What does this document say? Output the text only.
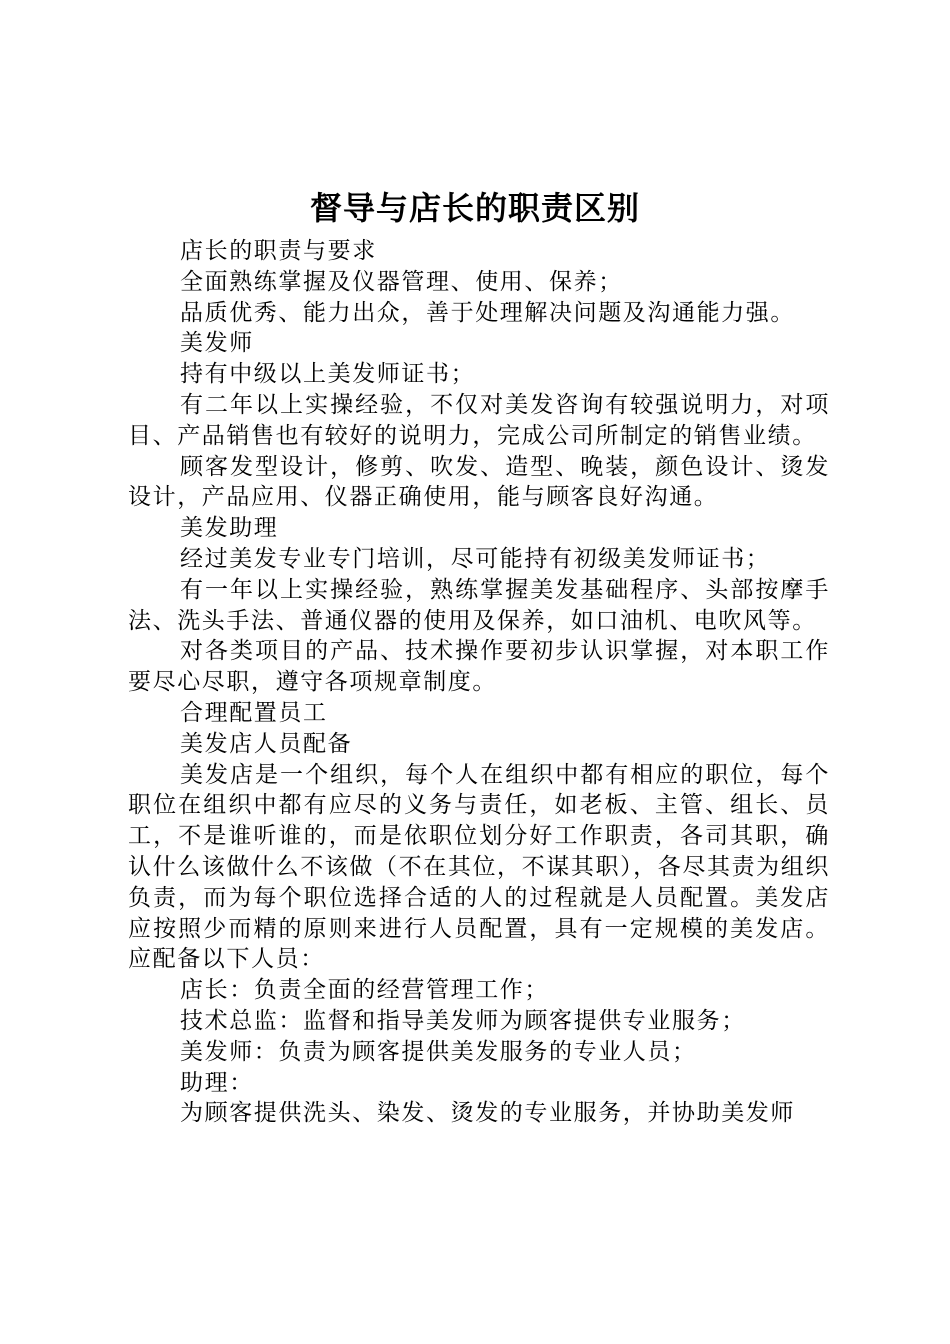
督导与店长的职责区别

店长的职责与要求

全面熟练掌握及仪器管理、使用、保养；

品质优秀、能力出众，善于处理解决问题及沟通能力强。

美发师

持有中级以上美发师证书；

有二年以上实操经验，不仅对美发咨询有较强说明力，对项目、产品销售也有较好的说明力，完成公司所制定的销售业绩。

顾客发型设计，修剪、吹发、造型、晚装，颜色设计、烫发设计，产品应用、仪器正确使用，能与顾客良好沟通。

美发助理

经过美发专业专门培训，尽可能持有初级美发师证书；

有一年以上实操经验，熟练掌握美发基础程序、头部按摩手法、洗头手法、普通仪器的使用及保养，如口油机、电吹风等。

对各类项目的产品、技术操作要初步认识掌握，对本职工作要尽心尽职，遵守各项规章制度。

合理配置员工

美发店人员配备

美发店是一个组织，每个人在组织中都有相应的职位，每个职位在组织中都有应尽的义务与责任，如老板、主管、组长、员工，不是谁听谁的，而是依职位划分好工作职责，各司其职，确认什么该做什么不该做（不在其位，不谋其职），各尽其责为组织负责，而为每个职位选择合适的人的过程就是人员配置。美发店应按照少而精的原则来进行人员配置，具有一定规模的美发店。应配备以下人员：

店长：负责全面的经营管理工作；

技术总监：监督和指导美发师为顾客提供专业服务；

美发师：负责为顾客提供美发服务的专业人员；

助理：

为顾客提供洗头、染发、烫发的专业服务，并协助美发师
